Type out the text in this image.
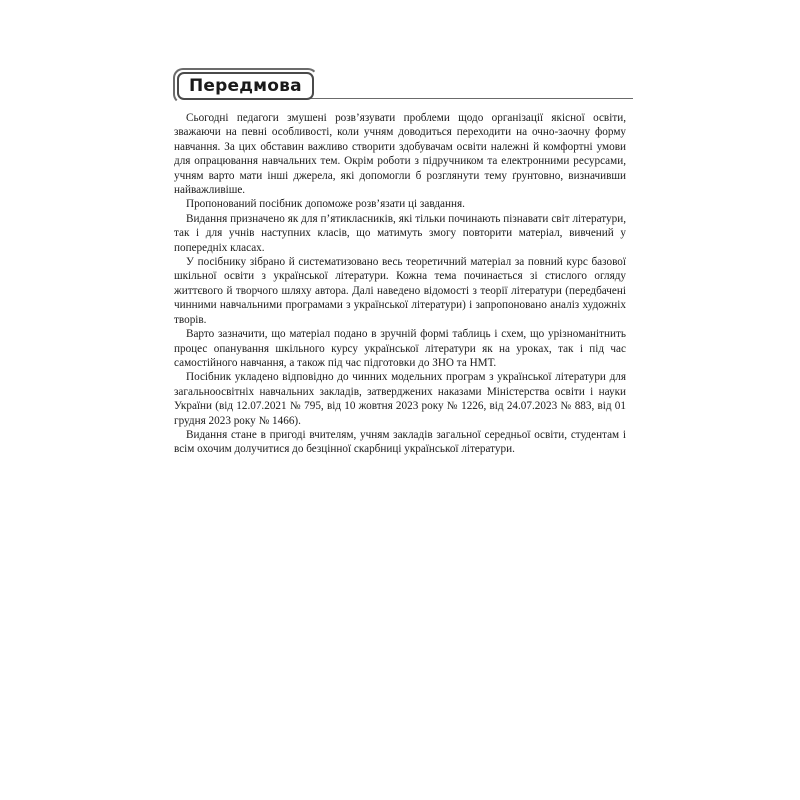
Передмова

Сьогодні педагоги змушені розв’язувати проблеми щодо організації якісної освіти, зважаючи на певні особливості, коли учням доводиться переходити на очно-заочну форму навчання. За цих обставин важливо створити здобувачам освіти належні й комфортні умови для опрацювання навчальних тем. Окрім роботи з підручником та електронними ресурсами, учням варто мати інші джерела, які допомогли б розглянути тему ґрунтовно, визначивши найважливіше.

Пропонований посібник допоможе розв’язати ці завдання.

Видання призначено як для п’ятикласників, які тільки починають пізнавати світ літератури, так і для учнів наступних класів, що матимуть змогу повторити матеріал, вивчений у попередніх класах.

У посібнику зібрано й систематизовано весь теоретичний матеріал за повний курс базової шкільної освіти з української літератури. Кожна тема починається зі стислого огляду життєвого й творчого шляху автора. Далі наведено відомості з теорії літератури (передбачені чинними навчальними програмами з української літератури) і запропоновано аналіз художніх творів.

Варто зазначити, що матеріал подано в зручній формі таблиць і схем, що урізноманітнить процес опанування шкільного курсу української літератури як на уроках, так і під час самостійного навчання, а також під час підготовки до ЗНО та НМТ.

Посібник укладено відповідно до чинних модельних програм з української літератури для загальноосвітніх навчальних закладів, затверджених наказами Міністерства освіти і науки України (від 12.07.2021 № 795, від 10 жовтня 2023 року № 1226, від 24.07.2023 № 883, від 01 грудня 2023 року № 1466).

Видання стане в пригоді вчителям, учням закладів загальної середньої освіти, студентам і всім охочим долучитися до безцінної скарбниці української літератури.
